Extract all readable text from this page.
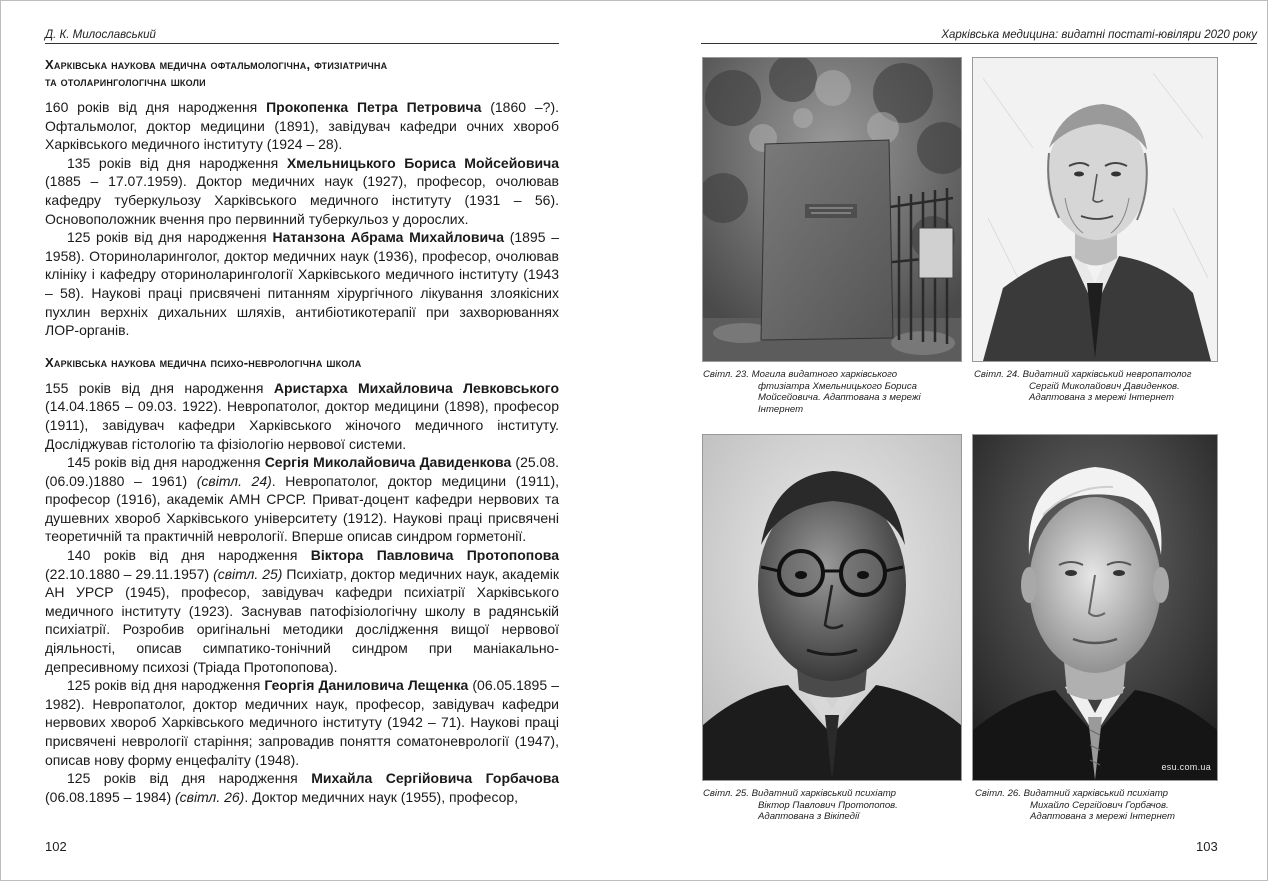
Д. К. Милославський
Харківська наукова медична офтальмологічна, фтизіатрична
та отоларингологічна школи

160 років від дня народження Прокопенка Петра Петровича (1860 –?). Офтальмолог, доктор медицини (1891), завідувач кафедри очних хвороб Харківського медичного інституту (1924 – 28).

135 років від дня народження Хмельницького Бориса Мойсейовича (1885 – 17.07.1959). Доктор медичних наук (1927), професор, очолював кафедру туберкульозу Харківського медичного інституту (1931 – 56). Основоположник вчення про первинний туберкульоз у дорослих.

125 років від дня народження Натанзона Абрама Михайловича (1895 – 1958). Оториноларинголог, доктор медичних наук (1936), професор, очолював клініку і кафедру оториноларингології Харківського медичного інституту (1943 – 58). Наукові праці присвячені питанням хірургічного лікування злоякісних пухлин верхніх дихальних шляхів, антибіотикотерапії при захворюваннях ЛОР-органів.

Харківська наукова медична психо-неврологічна школа

155 років від дня народження Аристарха Михайловича Левковського (14.04.1865 – 09.03. 1922). Невропатолог, доктор медицини (1898), професор (1911), завідувач кафедри Харківського жіночого медичного інституту. Досліджував гістологію та фізіологію нервової системи.

145 років від дня народження Сергія Миколайовича Давиденкова (25.08.(06.09.)1880 – 1961) (світл. 24). Невропатолог, доктор медицини (1911), професор (1916), академік АМН СРСР. Приват-доцент кафедри нервових та душевних хвороб Харківського університету (1912). Наукові праці присвячені теоретичній та практичній неврології. Вперше описав синдром горметонії.

140 років від дня народження Віктора Павловича Протопопова (22.10.1880 – 29.11.1957) (світл. 25) Психіатр, доктор медичних наук, академік АН УРСР (1945), професор, завідувач кафедри психіатрії Харківського медичного інституту (1923). Заснував патофізіологічну школу в радянській психіатрії. Розробив оригінальні методики дослідження вищої нервової діяльності, описав симпатико-тонічний синдром при маніакально-депресивному психозі (Тріада Протопопова).

125 років від дня народження Георгія Даниловича Лещенка (06.05.1895 – 1982). Невропатолог, доктор медичних наук, професор, завідувач кафедри нервових хвороб Харківського медичного інституту (1942 – 71). Наукові праці присвячені неврології старіння; запровадив поняття соматоневрології (1947), описав нову форму енцефаліту (1948).

125 років від дня народження Михайла Сергійовича Горбачова (06.08.1895 – 1984) (світл. 26). Доктор медичних наук (1955), професор,

102
Харківська медицина: видатні постаті-ювіляри 2020 року
Світл. 23. Могила видатного харківського
фтизіатра Хмельницького Бориса
Мойсейовича. Адаптована з мережі
Інтернет
Світл. 24. Видатний харківський невропатолог
Сергій Миколайович Давиденков.
Адаптована з мережі Інтернет
esu.com.ua
Світл. 25. Видатний харківський психіатр
Віктор Павлович Протопопов.
Адаптована з Вікіпедії
Світл. 26. Видатний харківський психіатр
Михайло Сергійович Горбачов.
Адаптована з мережі Інтернет
103
